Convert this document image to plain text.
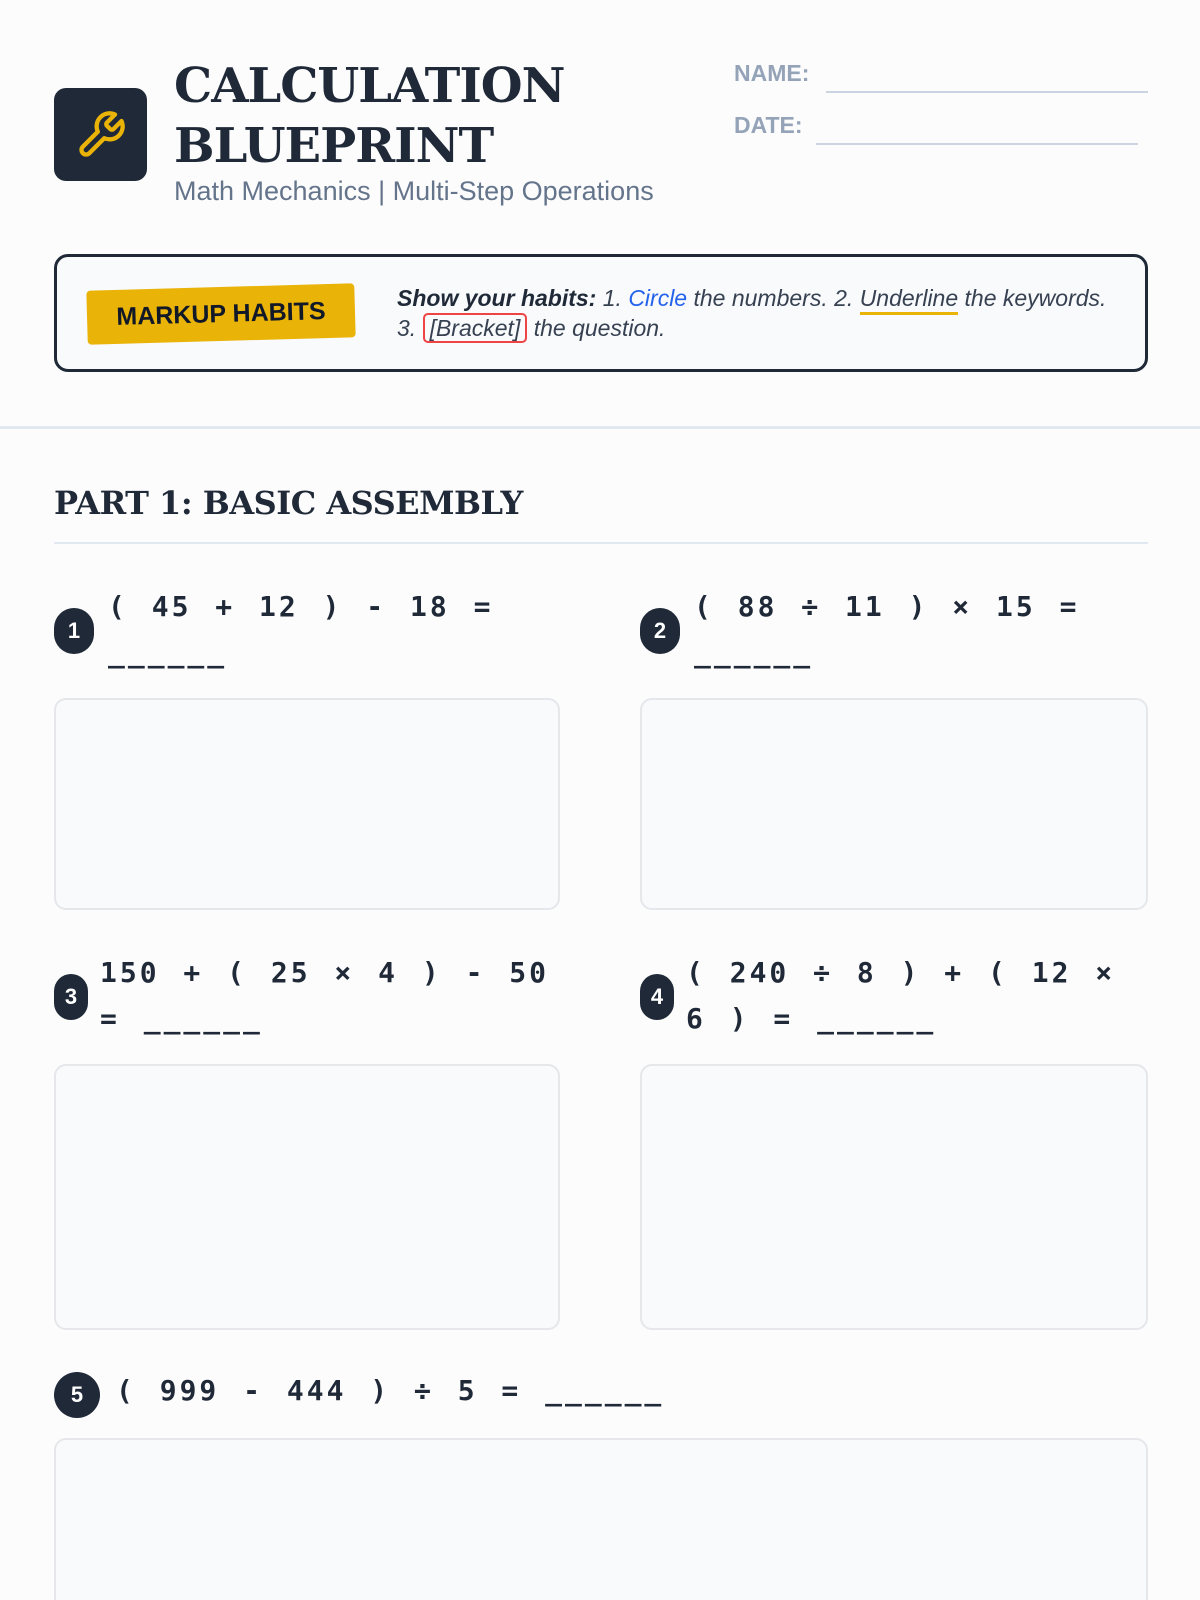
CALCULATION
BLUEPRINT
Math Mechanics | Multi-Step Operations
NAME:
DATE:
MARKUP HABITS	Show your habits: 1. Circle the numbers. 2. Underline the keywords. 3. [Bracket] the question.
PART 1: BASIC ASSEMBLY
1
( 45 + 12 ) - 18 = ______
2
( 88 ÷ 11 ) × 15 = ______
3
150 + ( 25 × 4 ) - 50 = ______
4
( 240 ÷ 8 ) + ( 12 × 6 ) = ______
5	( 999 - 444 ) ÷ 5 = ______
